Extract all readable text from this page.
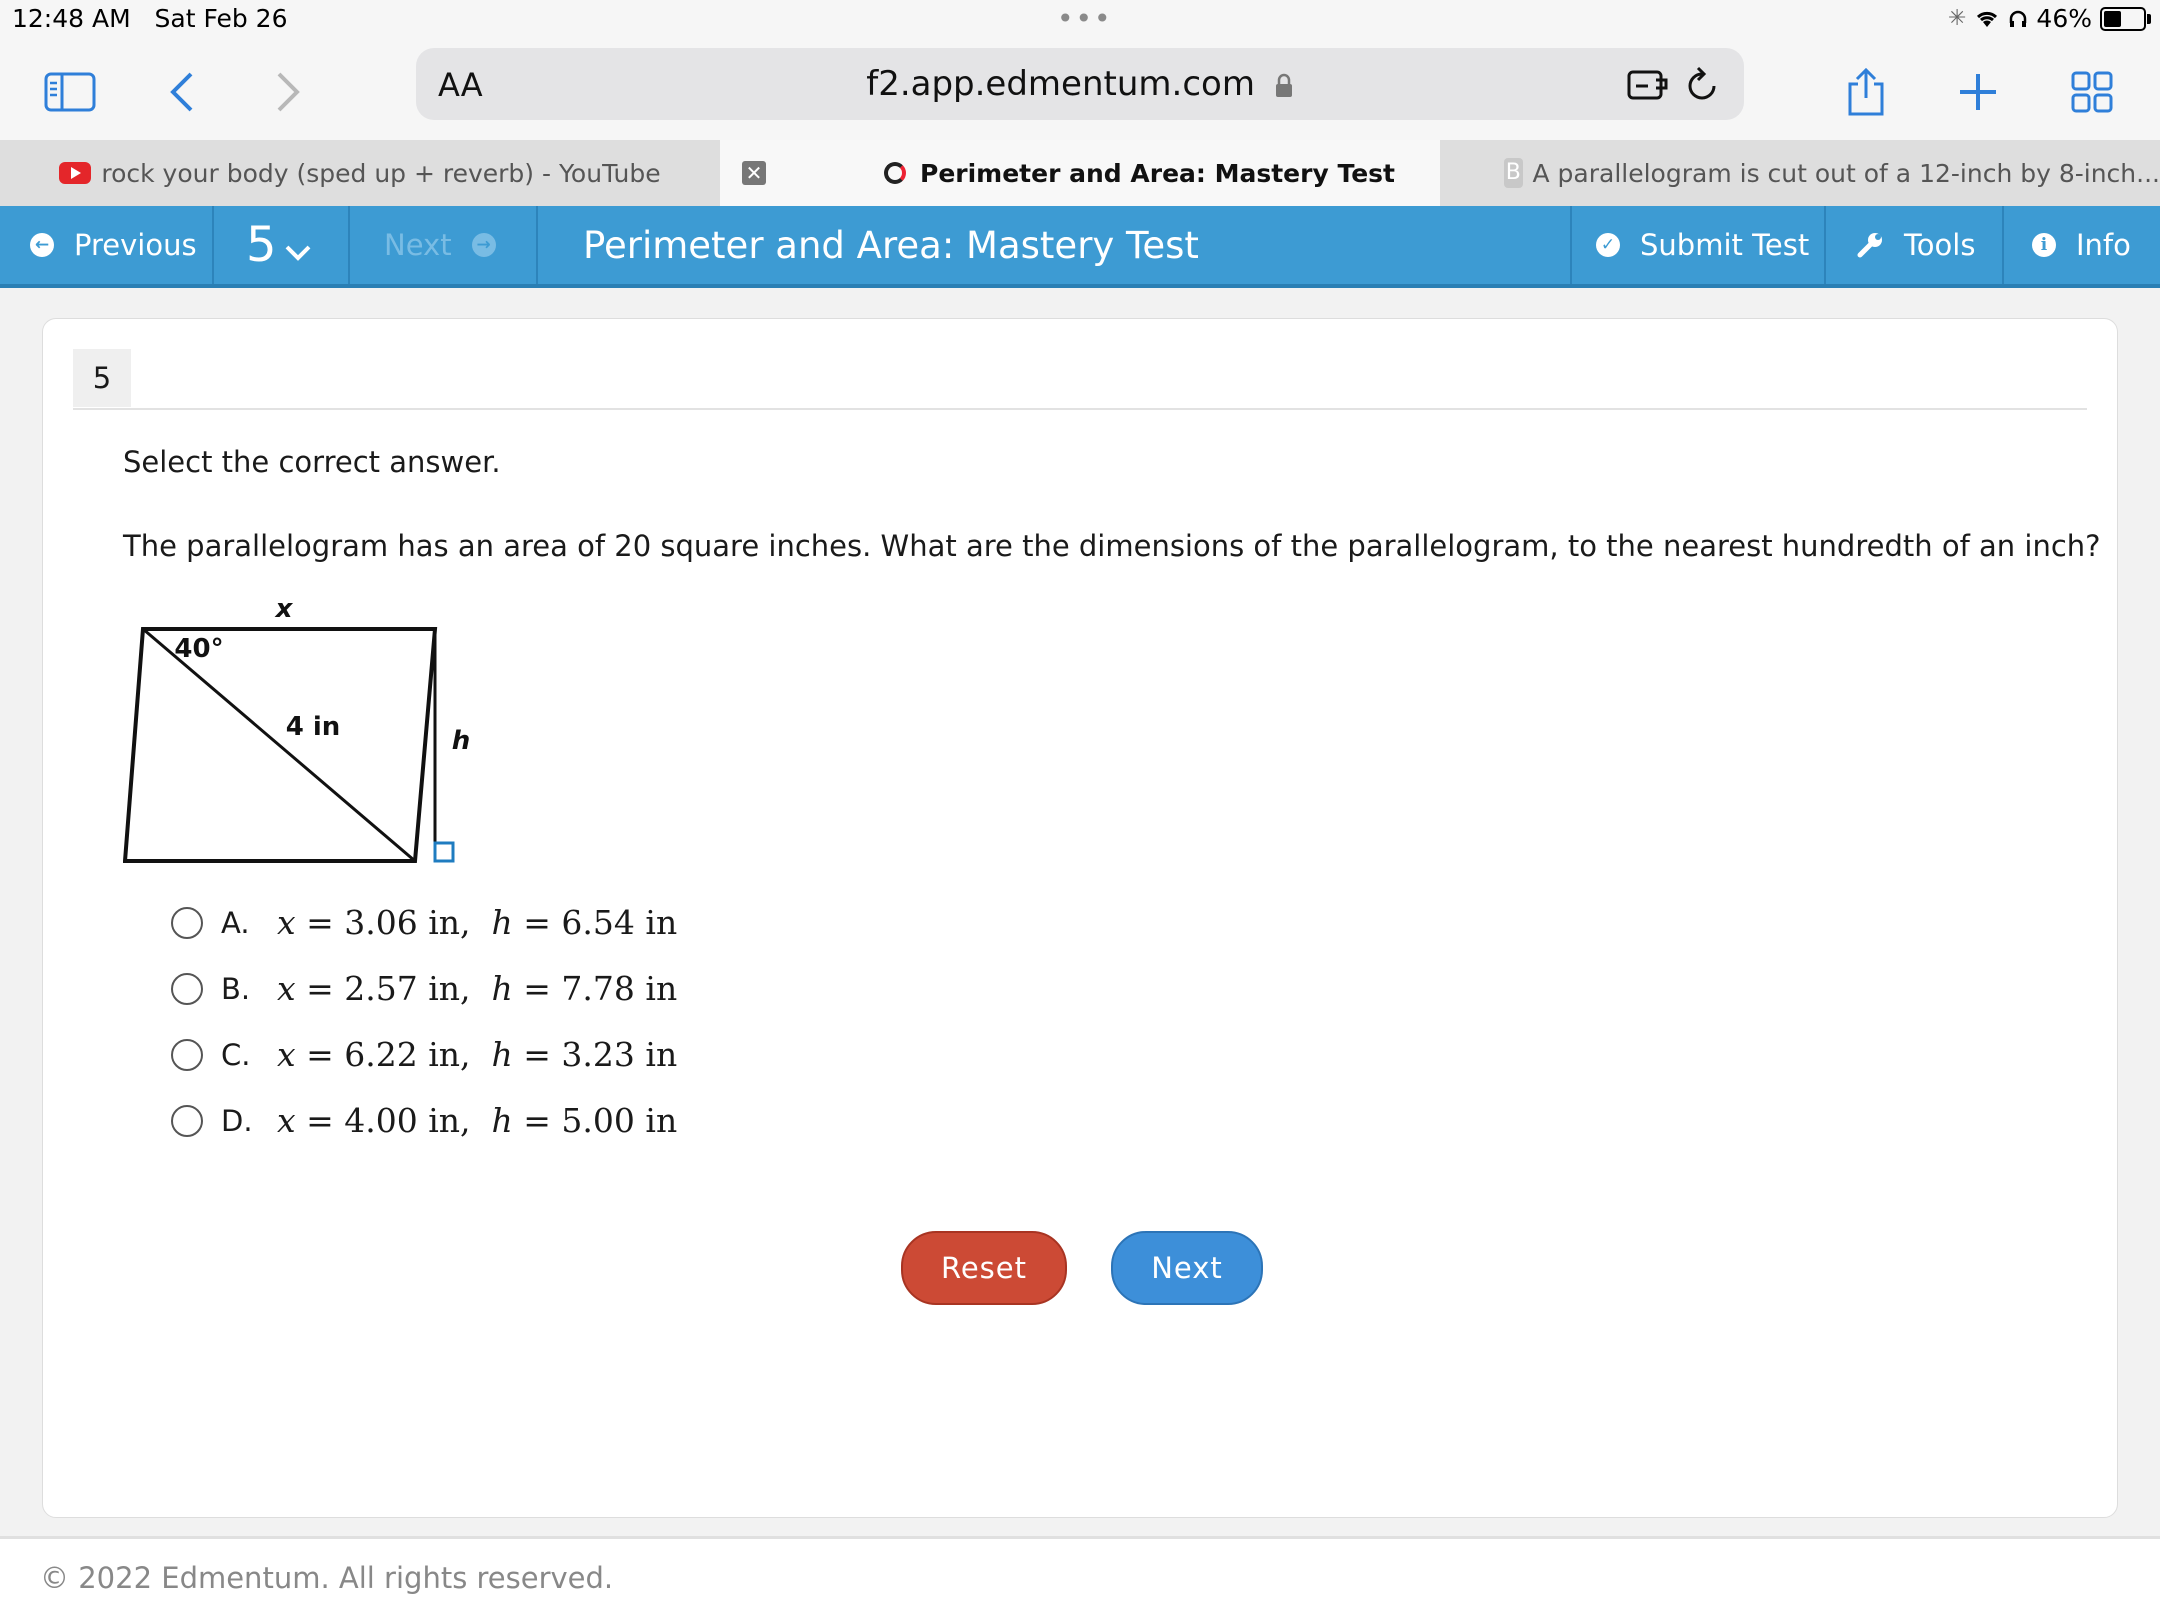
12:48 AM Sat Feb 26	•••	✳	46%
AA	f2.app.edmentum.com
rock your body (sped up + reverb) - YouTube	✕	Perimeter and Area: Mastery Test	B A parallelogram is cut out of a 12-inch by 8-inch...
← Previous 5	Next → Perimeter and Area: Mastery Test	✓ Submit Test	Tools	i Info
5
Select the correct answer.
The parallelogram has an area of 20 square inches. What are the dimensions of the parallelogram, to the nearest hundredth of an inch?
x
40°
4 in	h
A. x = 3.06 in, h = 6.54 in
B. x = 2.57 in, h = 7.78 in
C. x = 6.22 in, h = 3.23 in
D. x = 4.00 in, h = 5.00 in
Reset	Next
© 2022 Edmentum. All rights reserved.
